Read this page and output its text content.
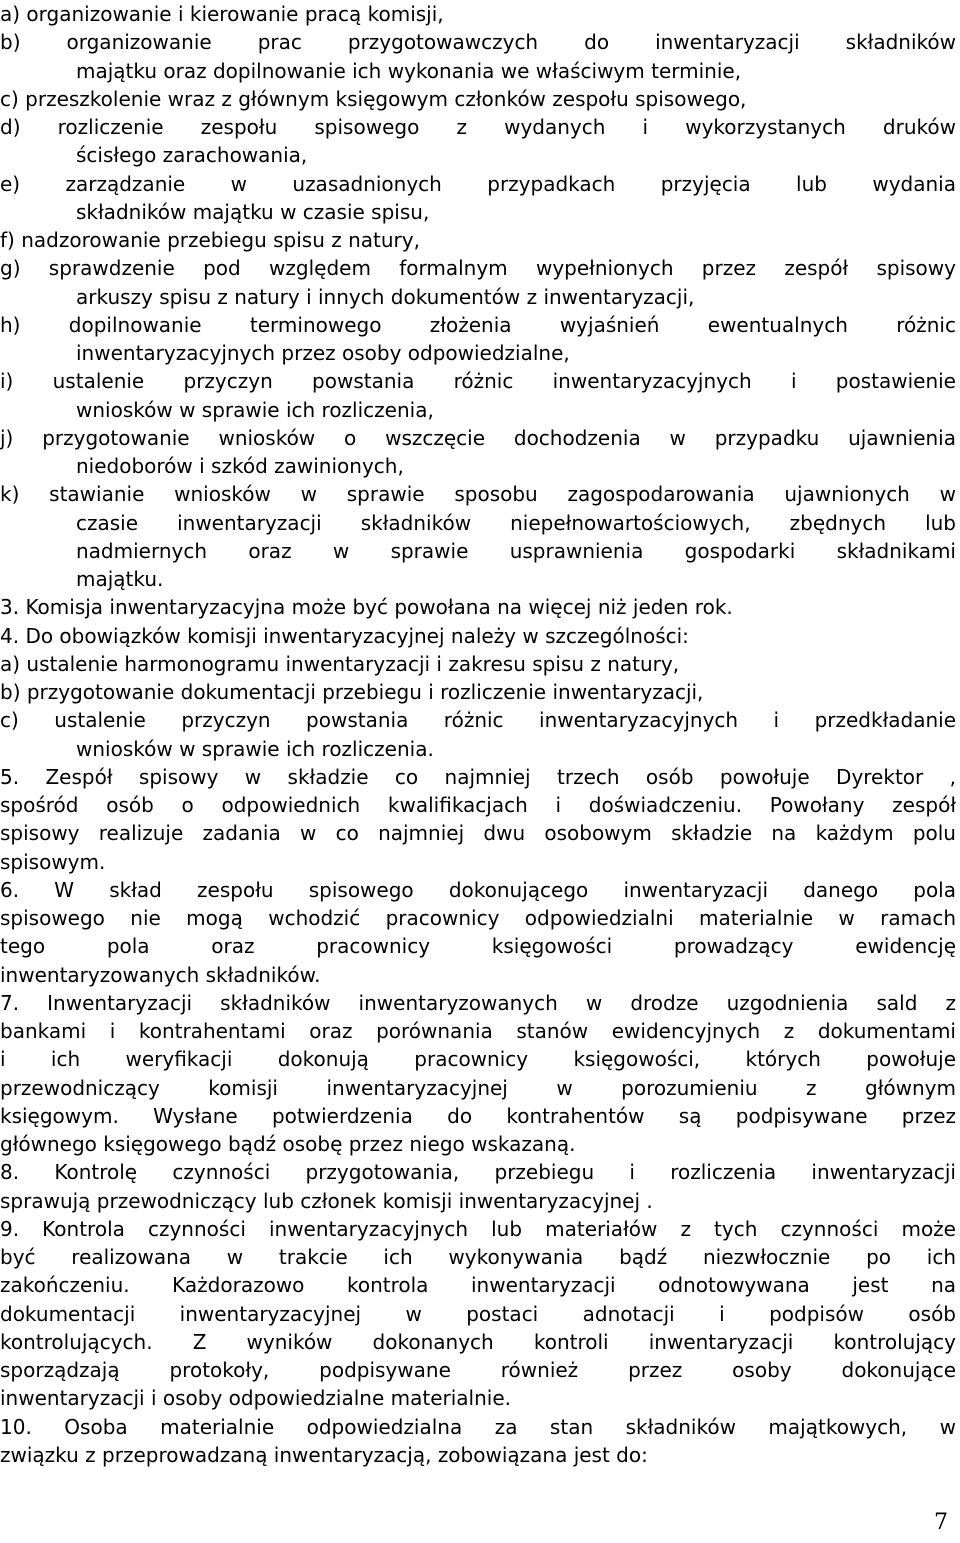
a) organizowanie i kierowanie pracą komisji,
b) organizowanie prac przygotowawczych do inwentaryzacji składników
majątku oraz dopilnowanie ich wykonania we właściwym terminie,
c) przeszkolenie wraz z głównym księgowym członków zespołu spisowego,
d) rozliczenie zespołu spisowego z wydanych i wykorzystanych druków
ścisłego zarachowania,
e) zarządzanie w uzasadnionych przypadkach przyjęcia lub wydania
składników majątku w czasie spisu,
f) nadzorowanie przebiegu spisu z natury,
g) sprawdzenie pod względem formalnym wypełnionych przez zespół spisowy
arkuszy spisu z natury i innych dokumentów z inwentaryzacji,
h) dopilnowanie terminowego złożenia wyjaśnień ewentualnych różnic
inwentaryzacyjnych przez osoby odpowiedzialne,
i) ustalenie przyczyn powstania różnic inwentaryzacyjnych i postawienie
wniosków w sprawie ich rozliczenia,
j) przygotowanie wniosków o wszczęcie dochodzenia w przypadku ujawnienia
niedoborów i szkód zawinionych,
k) stawianie wniosków w sprawie sposobu zagospodarowania ujawnionych w
czasie inwentaryzacji składników niepełnowartościowych, zbędnych lub
nadmiernych oraz w sprawie usprawnienia gospodarki składnikami
majątku.
3. Komisja inwentaryzacyjna może być powołana na więcej niż jeden rok.
4. Do obowiązków komisji inwentaryzacyjnej należy w szczególności:
a) ustalenie harmonogramu inwentaryzacji i zakresu spisu z natury,
b) przygotowanie dokumentacji przebiegu i rozliczenie inwentaryzacji,
c) ustalenie przyczyn powstania różnic inwentaryzacyjnych i przedkładanie
wniosków w sprawie ich rozliczenia.
5. Zespół spisowy w składzie co najmniej trzech osób powołuje Dyrektor ,
spośród osób o odpowiednich kwalifikacjach i doświadczeniu. Powołany zespół
spisowy realizuje zadania w co najmniej dwu osobowym składzie na każdym polu
spisowym.
6. W skład zespołu spisowego dokonującego inwentaryzacji danego pola
spisowego nie mogą wchodzić pracownicy odpowiedzialni materialnie w ramach
tego pola oraz pracownicy księgowości prowadzący ewidencję
inwentaryzowanych składników.
7. Inwentaryzacji składników inwentaryzowanych w drodze uzgodnienia sald z
bankami i kontrahentami oraz porównania stanów ewidencyjnych z dokumentami
i ich weryfikacji dokonują pracownicy księgowości, których powołuje
przewodniczący komisji inwentaryzacyjnej w porozumieniu z głównym
księgowym. Wysłane potwierdzenia do kontrahentów są podpisywane przez
głównego księgowego bądź osobę przez niego wskazaną.
8. Kontrolę czynności przygotowania, przebiegu i rozliczenia inwentaryzacji
sprawują przewodniczący lub członek komisji inwentaryzacyjnej .
9. Kontrola czynności inwentaryzacyjnych lub materiałów z tych czynności może
być realizowana w trakcie ich wykonywania bądź niezwłocznie po ich
zakończeniu. Każdorazowo kontrola inwentaryzacji odnotowywana jest na
dokumentacji inwentaryzacyjnej w postaci adnotacji i podpisów osób
kontrolujących. Z wyników dokonanych kontroli inwentaryzacji kontrolujący
sporządzają protokoły, podpisywane również przez osoby dokonujące
inwentaryzacji i osoby odpowiedzialne materialnie.
10. Osoba materialnie odpowiedzialna za stan składników majątkowych, w
związku z przeprowadzaną inwentaryzacją, zobowiązana jest do:
7
